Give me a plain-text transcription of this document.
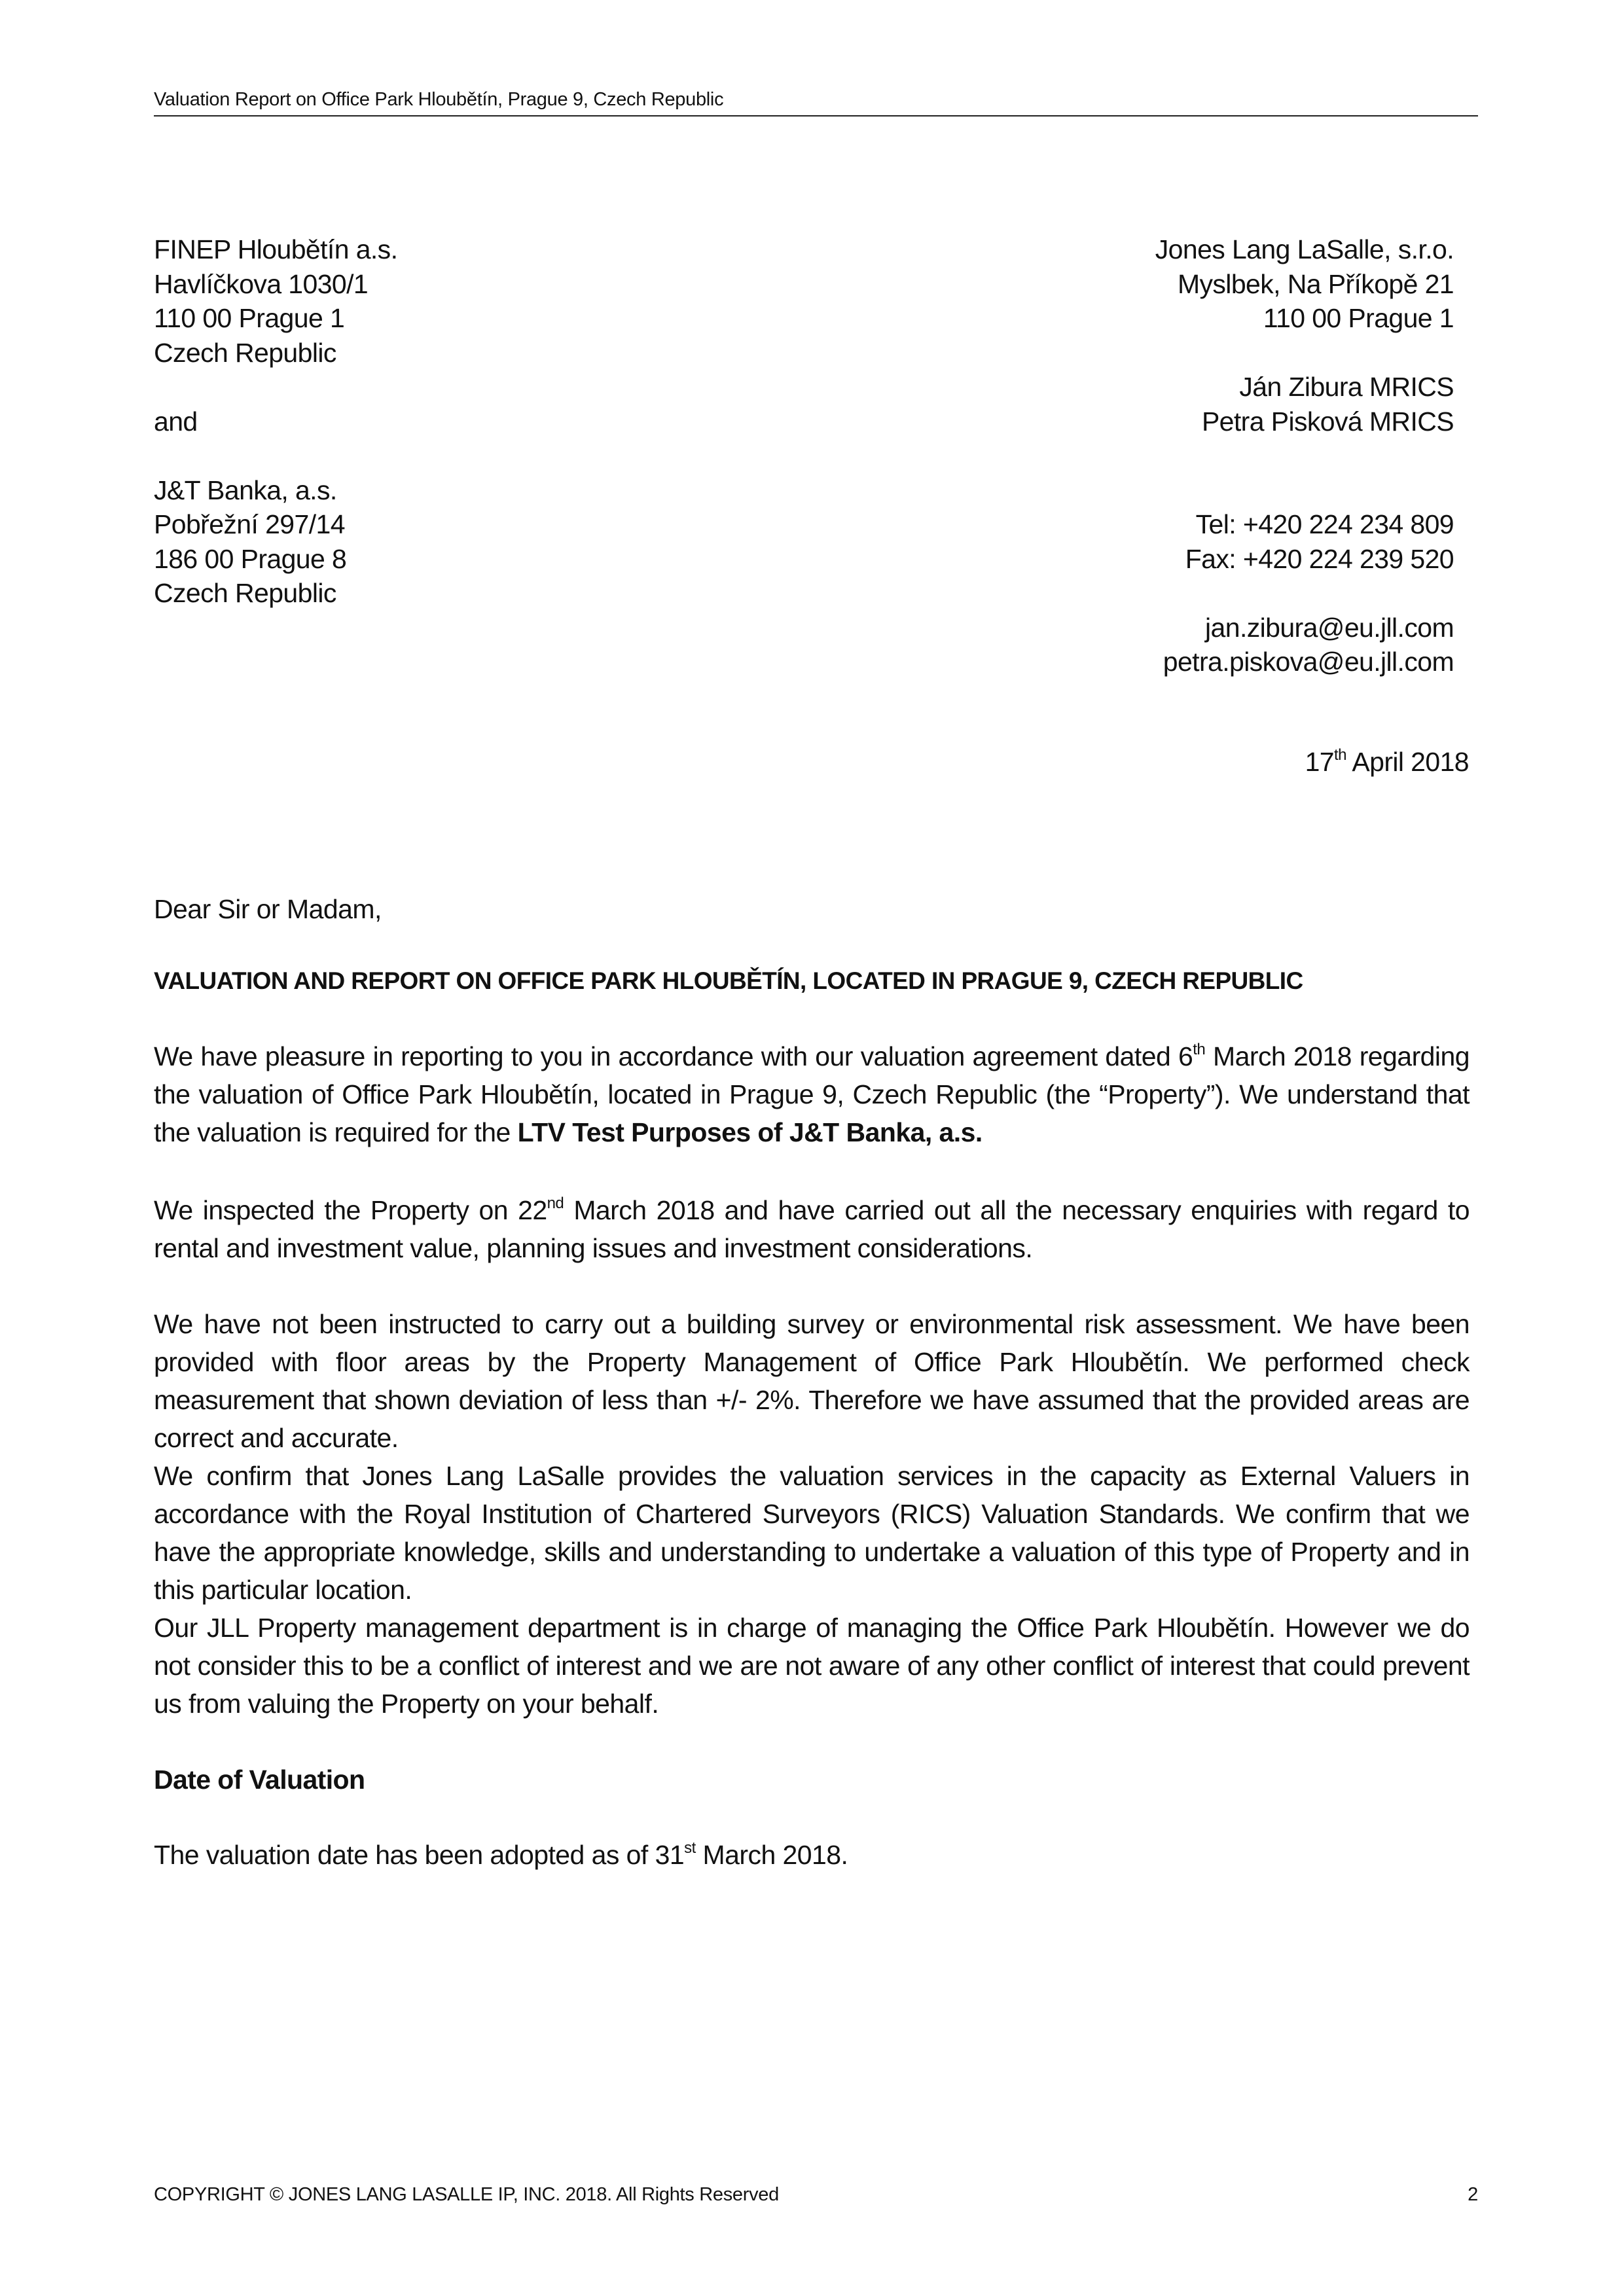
Valuation Report on Office Park Hloubětín, Prague 9, Czech Republic
FINEP Hloubětín a.s.
Havlíčkova 1030/1
110 00 Prague 1
Czech Republic
and
J&T Banka, a.s.
Pobřežní 297/14
186 00 Prague 8
Czech Republic
Jones Lang LaSalle, s.r.o.
Myslbek, Na Příkopě 21
110 00 Prague 1
Ján Zibura MRICS
Petra Pisková MRICS
Tel: +420 224 234 809
Fax: +420 224 239 520
jan.zibura@eu.jll.com
petra.piskova@eu.jll.com
17th April 2018
Dear Sir or Madam,
VALUATION AND REPORT ON OFFICE PARK HLOUBĚTÍN, LOCATED IN PRAGUE 9, CZECH REPUBLIC
We have pleasure in reporting to you in accordance with our valuation agreement dated 6th March 2018 regarding the valuation of Office Park Hloubětín, located in Prague 9, Czech Republic (the “Property”). We understand that the valuation is required for the LTV Test Purposes of J&T Banka, a.s.
We inspected the Property on 22nd March 2018 and have carried out all the necessary enquiries with regard to rental and investment value, planning issues and investment considerations.
We have not been instructed to carry out a building survey or environmental risk assessment. We have been provided with floor areas by the Property Management of Office Park Hloubětín. We performed check measurement that shown deviation of less than +/- 2%. Therefore we have assumed that the provided areas are correct and accurate.
We confirm that Jones Lang LaSalle provides the valuation services in the capacity as External Valuers in accordance with the Royal Institution of Chartered Surveyors (RICS) Valuation Standards. We confirm that we have the appropriate knowledge, skills and understanding to undertake a valuation of this type of Property and in this particular location.
Our JLL Property management department is in charge of managing the Office Park Hloubětín. However we do not consider this to be a conflict of interest and we are not aware of any other conflict of interest that could prevent us from valuing the Property on your behalf.
Date of Valuation
The valuation date has been adopted as of 31st March 2018.
COPYRIGHT © JONES LANG LASALLE IP, INC. 2018. All Rights Reserved	2
